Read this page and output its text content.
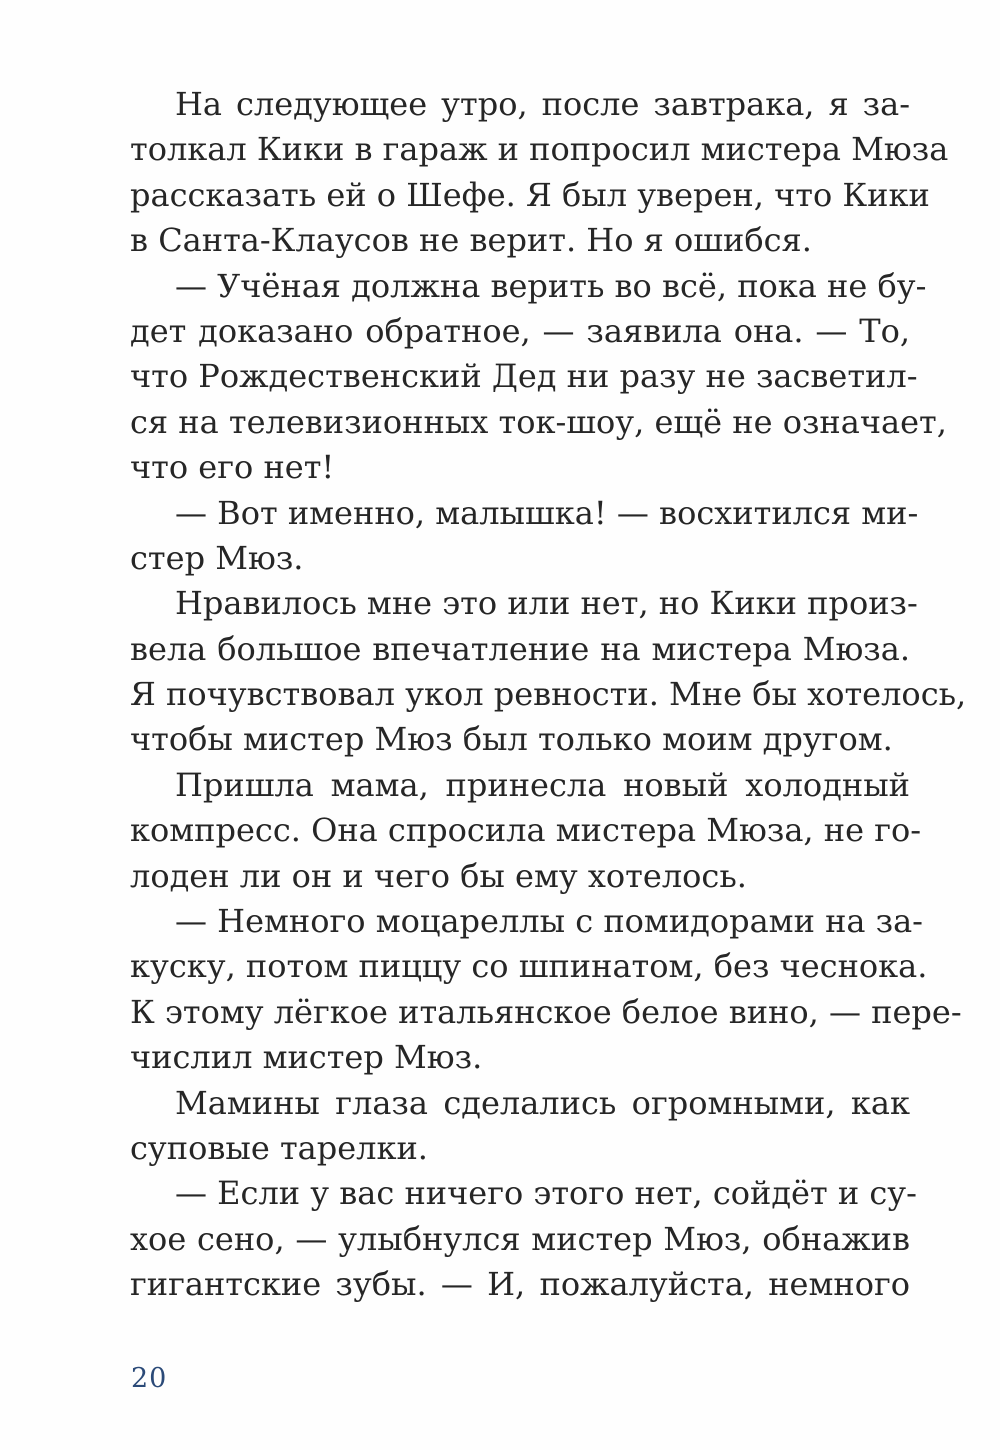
На следующее утро, после завтрака, я за-
толкал Кики в гараж и попросил мистера Мюза
рассказать ей о Шефе. Я был уверен, что Кики
в Санта-Клаусов не верит. Но я ошибся.
— Учёная должна верить во всё, пока не бу-
дет доказано обратное, — заявила она. — То,
что Рождественский Дед ни разу не засветил-
ся на телевизионных ток-шоу, ещё не означает,
что его нет!
— Вот именно, малышка! — восхитился ми-
стер Мюз.
Нравилось мне это или нет, но Кики произ-
вела большое впечатление на мистера Мюза.
Я почувствовал укол ревности. Мне бы хотелось,
чтобы мистер Мюз был только моим другом.
Пришла мама, принесла новый холодный
компресс. Она спросила мистера Мюза, не го-
лоден ли он и чего бы ему хотелось.
— Немного моцареллы с помидорами на за-
куску, потом пиццу со шпинатом, без чеснока.
К этому лёгкое итальянское белое вино, — пере-
числил мистер Мюз.
Мамины глаза сделались огромными, как
суповые тарелки.
— Если у вас ничего этого нет, сойдёт и су-
хое сено, — улыбнулся мистер Мюз, обнажив
гигантские зубы. — И, пожалуйста, немного
20
